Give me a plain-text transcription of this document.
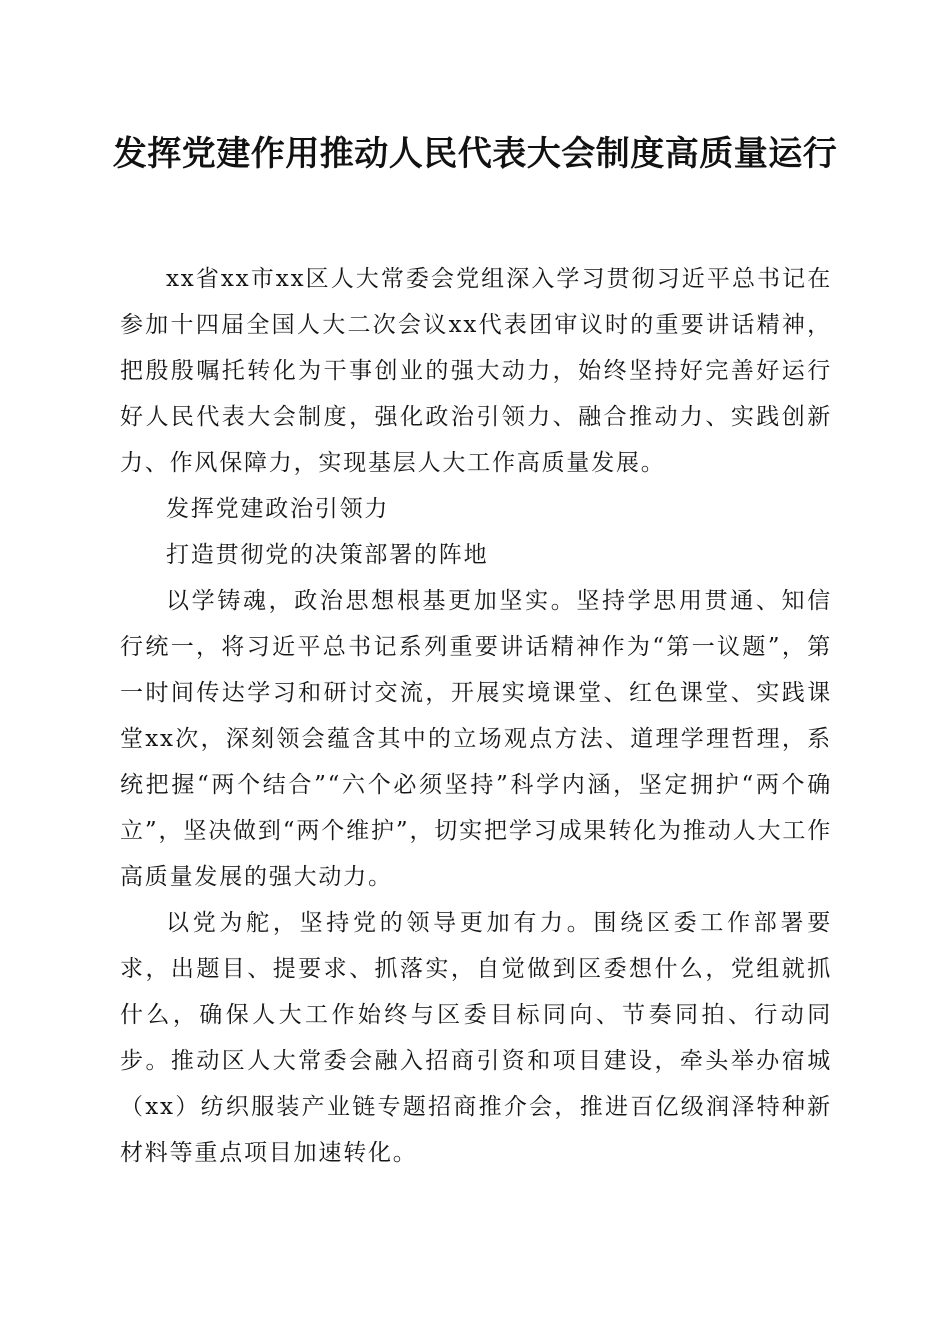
发挥党建作用推动人民代表大会制度高质量运行

xx省xx市xx区人大常委会党组深入学习贯彻习近平总书记在参加十四届全国人大二次会议xx代表团审议时的重要讲话精神，把殷殷嘱托转化为干事创业的强大动力，始终坚持好完善好运行好人民代表大会制度，强化政治引领力、融合推动力、实践创新力、作风保障力，实现基层人大工作高质量发展。

发挥党建政治引领力

打造贯彻党的决策部署的阵地

以学铸魂，政治思想根基更加坚实。坚持学思用贯通、知信行统一，将习近平总书记系列重要讲话精神作为“第一议题”，第一时间传达学习和研讨交流，开展实境课堂、红色课堂、实践课堂xx次，深刻领会蕴含其中的立场观点方法、道理学理哲理，系统把握“两个结合”“六个必须坚持”科学内涵，坚定拥护“两个确立”，坚决做到“两个维护”，切实把学习成果转化为推动人大工作高质量发展的强大动力。

以党为舵，坚持党的领导更加有力。围绕区委工作部署要求，出题目、提要求、抓落实，自觉做到区委想什么，党组就抓什么，确保人大工作始终与区委目标同向、节奏同拍、行动同步。推动区人大常委会融入招商引资和项目建设，牵头举办宿城（xx）纺织服装产业链专题招商推介会，推进百亿级润泽特种新材料等重点项目加速转化。
